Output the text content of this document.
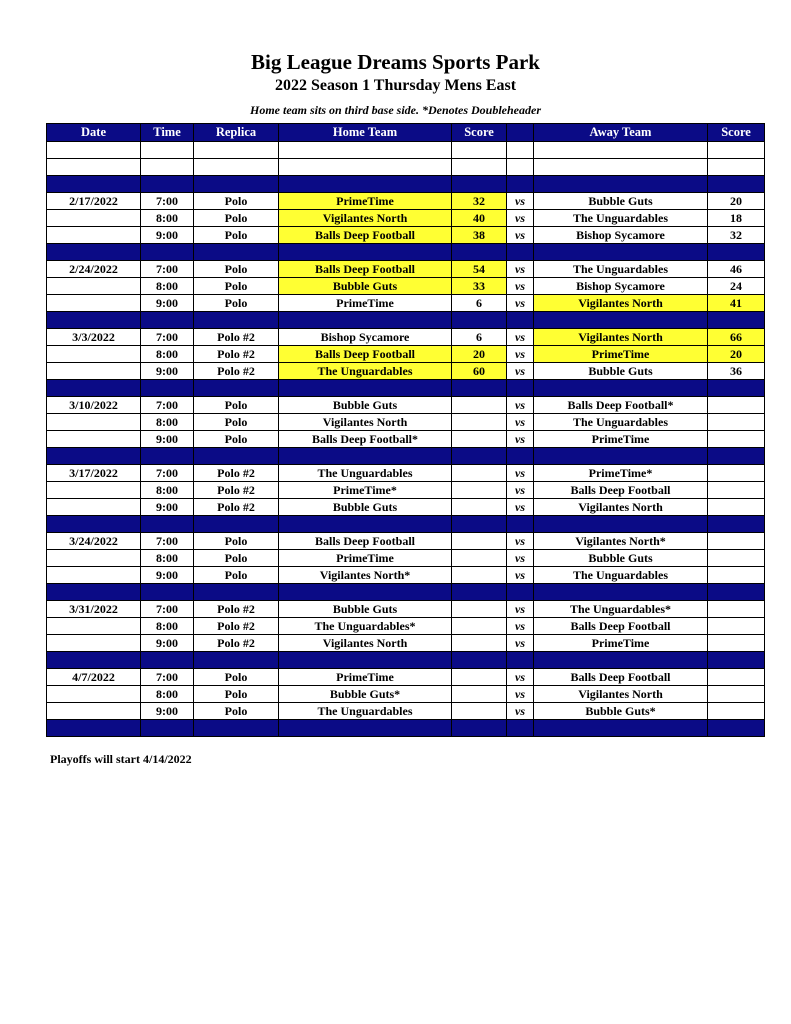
Big League Dreams Sports Park
2022 Season 1 Thursday Mens East
Home team sits on third base side. *Denotes Doubleheader
Date	Time	Replica	Home Team	Score		Away Team	Score

2/17/2022	7:00	Polo	PrimeTime	32	vs	Bubble Guts	20
	8:00	Polo	Vigilantes North	40	vs	The Unguardables	18
	9:00	Polo	Balls Deep Football	38	vs	Bishop Sycamore	32

2/24/2022	7:00	Polo	Balls Deep Football	54	vs	The Unguardables	46
	8:00	Polo	Bubble Guts	33	vs	Bishop Sycamore	24
	9:00	Polo	PrimeTime	6	vs	Vigilantes North	41

3/3/2022	7:00	Polo #2	Bishop Sycamore	6	vs	Vigilantes North	66
	8:00	Polo #2	Balls Deep Football	20	vs	PrimeTime	20
	9:00	Polo #2	The Unguardables	60	vs	Bubble Guts	36

3/10/2022	7:00	Polo	Bubble Guts		vs	Balls Deep Football*	
	8:00	Polo	Vigilantes North		vs	The Unguardables	
	9:00	Polo	Balls Deep Football*		vs	PrimeTime	

3/17/2022	7:00	Polo #2	The Unguardables		vs	PrimeTime*	
	8:00	Polo #2	PrimeTime*		vs	Balls Deep Football	
	9:00	Polo #2	Bubble Guts		vs	Vigilantes North	

3/24/2022	7:00	Polo	Balls Deep Football		vs	Vigilantes North*	
	8:00	Polo	PrimeTime		vs	Bubble Guts	
	9:00	Polo	Vigilantes North*		vs	The Unguardables	

3/31/2022	7:00	Polo #2	Bubble Guts		vs	The Unguardables*	
	8:00	Polo #2	The Unguardables*		vs	Balls Deep Football	
	9:00	Polo #2	Vigilantes North		vs	PrimeTime	

4/7/2022	7:00	Polo	PrimeTime		vs	Balls Deep Football	
	8:00	Polo	Bubble Guts*		vs	Vigilantes North	
	9:00	Polo	The Unguardables		vs	Bubble Guts*	

Playoffs will start 4/14/2022
